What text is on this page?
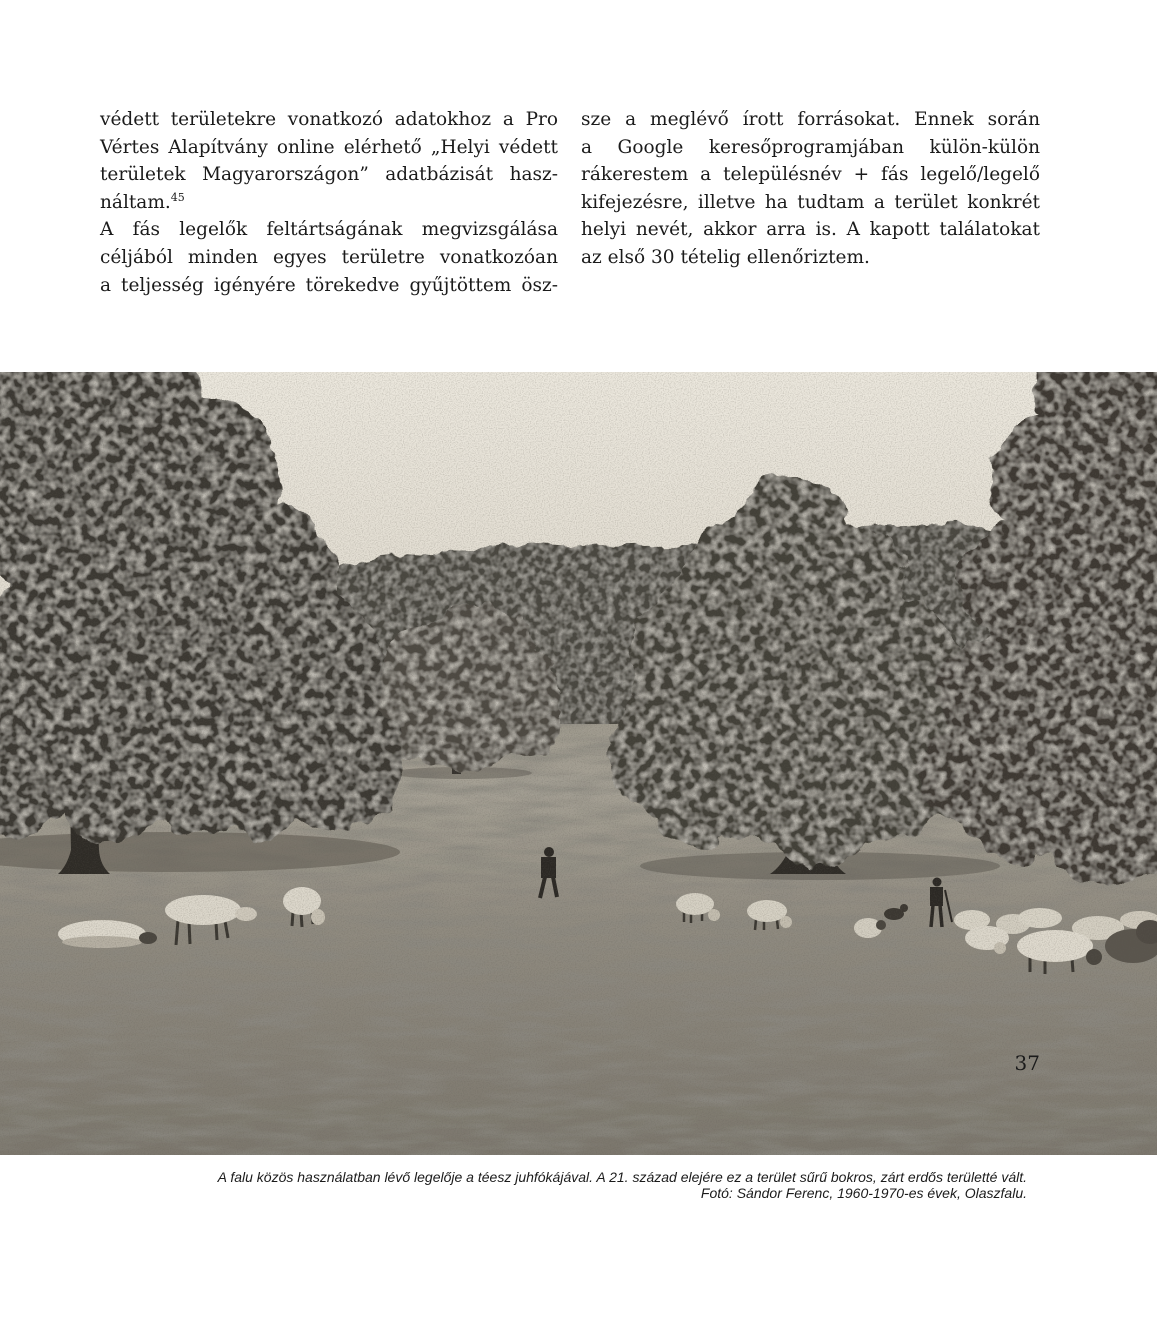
védett területekre vonatkozó adatokhoz a Pro
Vértes Alapítvány online elérhető „Helyi védett
területek Magyarországon” adatbázisát hasz-
náltam.$^{45}$
A fás legelők feltártságának megvizsgálása
céljából minden egyes területre vonatkozóan
a teljesség igényére törekedve gyűjtöttem ösz-
sze a meglévő írott forrásokat. Ennek során
a Google keresőprogramjában külön-külön
rákerestem a településnév + fás legelő/legelő
kifejezésre, illetve ha tudtam a terület konkrét
helyi nevét, akkor arra is. A kapott találatokat
az első 30 tételig ellenőriztem.
A falu közös használatban lévő legelője a téesz juhfókájával. A 21. század elejére ez a terület sűrű bokros, zárt erdős területté vált.
Fotó: Sándor Ferenc, 1960-1970-es évek, Olaszfalu.
37
